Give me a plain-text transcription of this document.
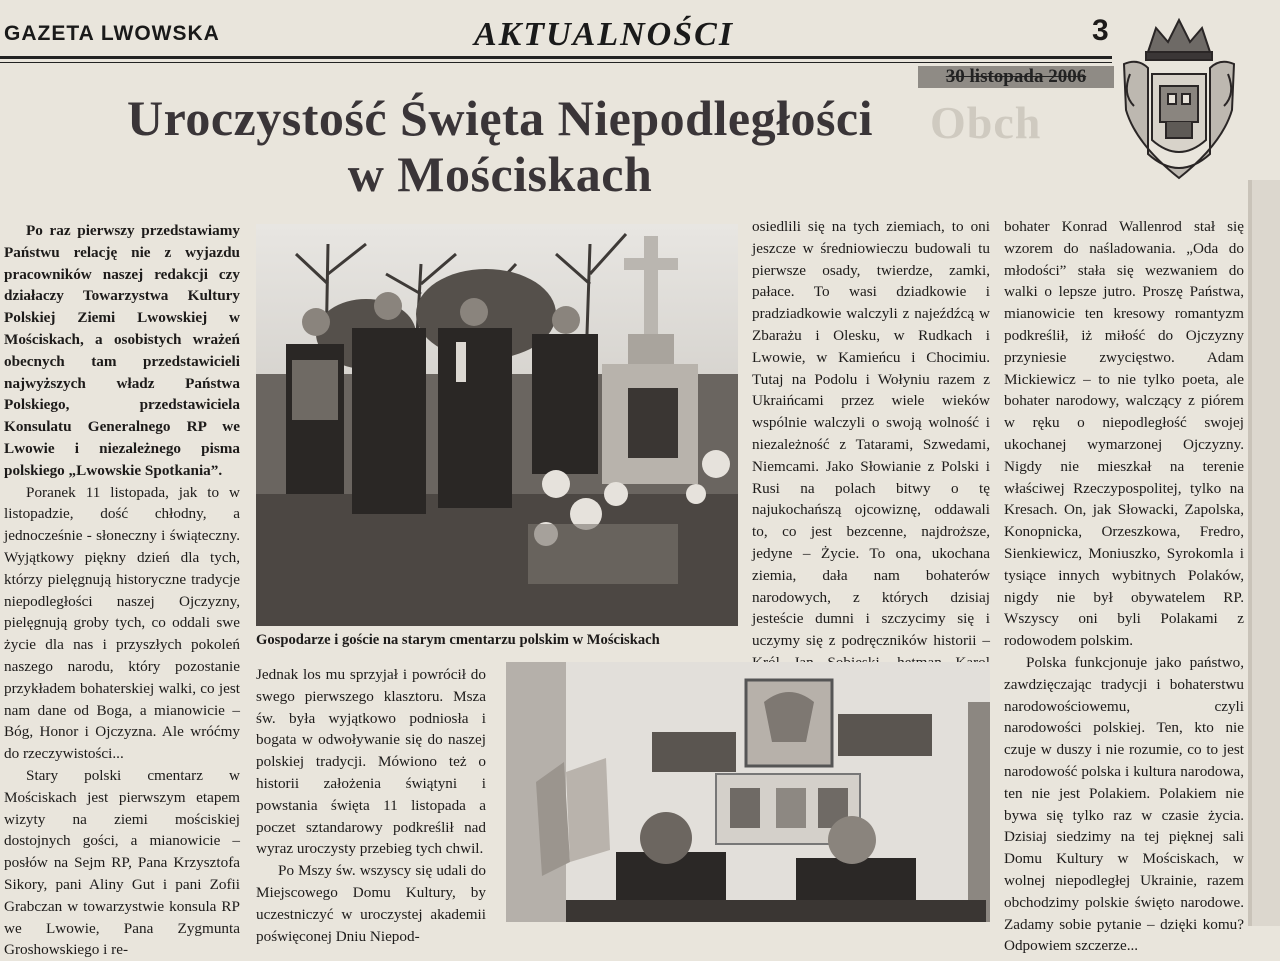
GAZETA LWOWSKA	AKTUALNOŚCI	3
30 listopada 2006
Obch
Uroczystość Święta Niepodległości
w Mościskach

Po raz pierwszy przedstawiamy Państwu relację nie z wyjazdu pracowników naszej redakcji czy działaczy Towarzystwa Kultury Polskiej Ziemi Lwowskiej w Mościskach, a osobistych wrażeń obecnych tam przedstawicieli najwyższych władz Państwa Polskiego, przedstawiciela Konsulatu Generalnego RP we Lwowie i niezależnego pisma polskiego „Lwowskie Spotkania”.

Poranek 11 listopada, jak to w listopadzie, dość chłodny, a jednocześnie - słoneczny i świąteczny. Wyjątkowy piękny dzień dla tych, którzy pielęgnują historyczne tradycje niepodległości naszej Ojczyzny, pielęgnują groby tych, co oddali swe życie dla nas i przyszłych pokoleń naszego narodu, który pozostanie przykładem bohaterskiej walki, co jest nam dane od Boga, a mianowicie – Bóg, Honor i Ojczyzna. Ale wróćmy do rzeczywistości...

Stary polski cmentarz w Mościskach jest pierwszym etapem wizyty na ziemi mościskiej dostojnych gości, a mianowicie – posłów na Sejm RP, Pana Krzysztofa Sikory, pani Aliny Gut i pani Zofii Grabczan w towarzystwie konsula RP we Lwowie, Pana Zygmunta Groshowskiego i re-

Gospodarze i goście na starym cmentarzu polskim w Mościskach

Jednak los mu sprzyjał i powrócił do swego pierwszego klasztoru. Msza św. była wyjątkowo podniosła i bogata w odwoływanie się do naszej polskiej tradycji. Mówiono też o historii założenia świątyni i powstania święta 11 listopada a poczet sztandarowy podkreślił nad wyraz uroczysty przebieg tych chwil.

Po Mszy św. wszyscy się udali do Miejscowego Domu Kultury, by uczestniczyć w uroczystej akademii poświęconej Dniu Niepod-

osiedlili się na tych ziemiach, to oni jeszcze w średniowieczu budowali tu pierwsze osady, twierdze, zamki, pałace. To wasi dziadkowie i pradziadkowie walczyli z najeźdźcą w Zbarażu i Olesku, w Rudkach i Lwowie, w Kamieńcu i Chocimiu. Tutaj na Podolu i Wołyniu razem z Ukraińcami przez wiele wieków wspólnie walczyli o swoją wolność i niezależność z Tatarami, Szwedami, Niemcami. Jako Słowianie z Polski i Rusi na polach bitwy o tę najukochańszą ojcowiznę, oddawali to, co jest bezcenne, najdroższe, jedyne – Życie. To ona, ukochana ziemia, dała nam bohaterów narodowych, z których dzisiaj jesteście dumni i szczycimy się i uczymy się z podręczników historii –

bohater Konrad Wallenrod stał się wzorem do naśladowania. „Oda do młodości” stała się wezwaniem do walki o lepsze jutro. Proszę Państwa, mianowicie ten kresowy romantyzm podkreślił, iż miłość do Ojczyzny przyniesie zwycięstwo. Adam Mickiewicz – to nie tylko poeta, ale bohater narodowy, walczący z piórem w ręku o niepodległość swojej ukochanej wymarzonej Ojczyzny. Nigdy nie mieszkał na terenie właściwej Rzeczypospolitej, tylko na Kresach. On, jak Słowacki, Zapolska, Konopnicka, Orzeszkowa, Fredro, Sienkiewicz, Moniuszko, Syrokomla i tysiące innych wybitnych Polaków, nigdy nie był obywatelem RP. Wszyscy oni byli Polakami z rodowodem polskim.

Polska funkcjonuje jako państwo, zawdzięczając tradycji i bohaterstwu narodowościowemu, czyli narodowości polskiej. Ten, kto nie czuje w duszy i nie rozumie, co to jest narodowość polska i kultura narodowa, ten nie jest Polakiem. Polakiem nie bywa się tylko raz w czasie życia. Dzisiaj siedzimy na tej pięknej sali Domu Kultury w Mościskach, w wolnej niepodległej Ukrainie, razem obchodzimy polskie święto narodowe. Zadamy sobie pytanie – dzięki komu? Odpowiem szczerze...
